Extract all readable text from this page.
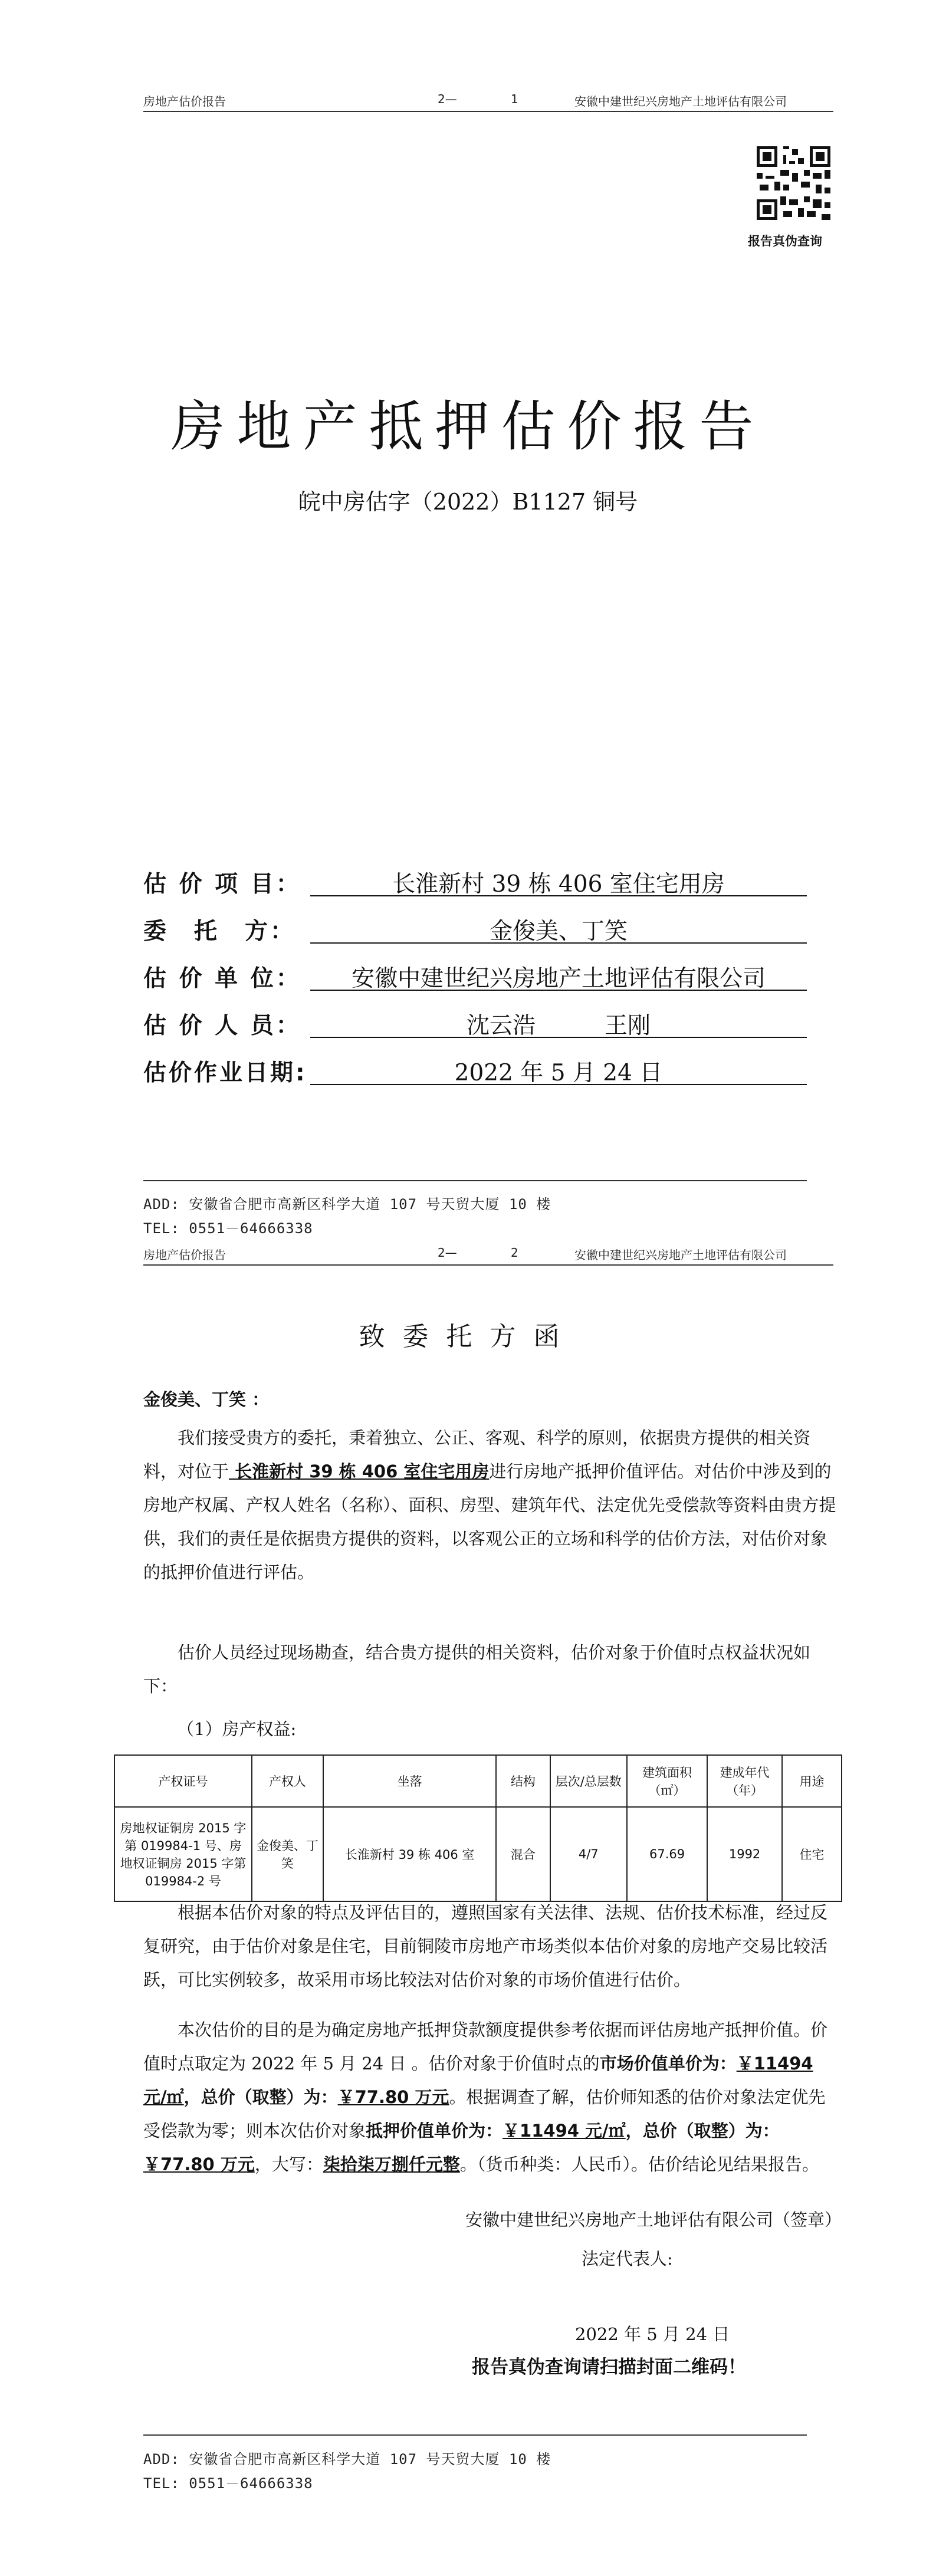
房地产估价报告	2—	1	安徽中建世纪兴房地产土地评估有限公司
报告真伪查询
房地产抵押估价报告
皖中房估字（2022）B1127 铜号
估 价 项 目：	长淮新村 39 栋 406 室住宅用房
委　托　方：	金俊美、丁笑
估 价 单 位：	安徽中建世纪兴房地产土地评估有限公司
估 价 人 员：	沈云浩　　　王刚
估价作业日期:	2022 年 5 月 24 日
ADD: 安徽省合肥市高新区科学大道 107 号天贸大厦 10 楼
TEL: 0551－64666338
房地产估价报告	2—	2	安徽中建世纪兴房地产土地评估有限公司
致委托方函
金俊美、丁笑 ：
我们接受贵方的委托，秉着独立、公正、客观、科学的原则，依据贵方提供的相关资料，对位于 长淮新村 39 栋 406 室住宅用房进行房地产抵押价值评估。对估价中涉及到的房地产权属、产权人姓名（名称）、面积、房型、建筑年代、法定优先受偿款等资料由贵方提供，我们的责任是依据贵方提供的资料，以客观公正的立场和科学的估价方法，对估价对象的抵押价值进行评估。
估价人员经过现场勘查，结合贵方提供的相关资料，估价对象于价值时点权益状况如下：
（1）房产权益:
产权证号	产权人	坐落	结构	层次/总层数	建筑面积（㎡）	建成年代（年）	用途
房地权证铜房 2015 字第 019984-1 号、房地权证铜房 2015 字第 019984-2 号	金俊美、丁笑	长淮新村 39 栋 406 室	混合	4/7	67.69	1992	住宅
根据本估价对象的特点及评估目的，遵照国家有关法律、法规、估价技术标准，经过反复研究，由于估价对象是住宅，目前铜陵市房地产市场类似本估价对象的房地产交易比较活跃，可比实例较多，故采用市场比较法对估价对象的市场价值进行估价。
本次估价的目的是为确定房地产抵押贷款额度提供参考依据而评估房地产抵押价值。价值时点取定为 2022 年 5 月 24 日 。估价对象于价值时点的市场价值单价为：￥11494 元/㎡，总价（取整）为：￥77.80 万元。根据调查了解，估价师知悉的估价对象法定优先受偿款为零；则本次估价对象抵押价值单价为：￥11494 元/㎡，总价（取整）为：￥77.80 万元，大写：柒拾柒万捌仟元整。（货币种类：人民币）。估价结论见结果报告。
安徽中建世纪兴房地产土地评估有限公司（签章）
法定代表人:
2022 年 5 月 24 日
报告真伪查询请扫描封面二维码！
ADD: 安徽省合肥市高新区科学大道 107 号天贸大厦 10 楼
TEL: 0551－64666338
